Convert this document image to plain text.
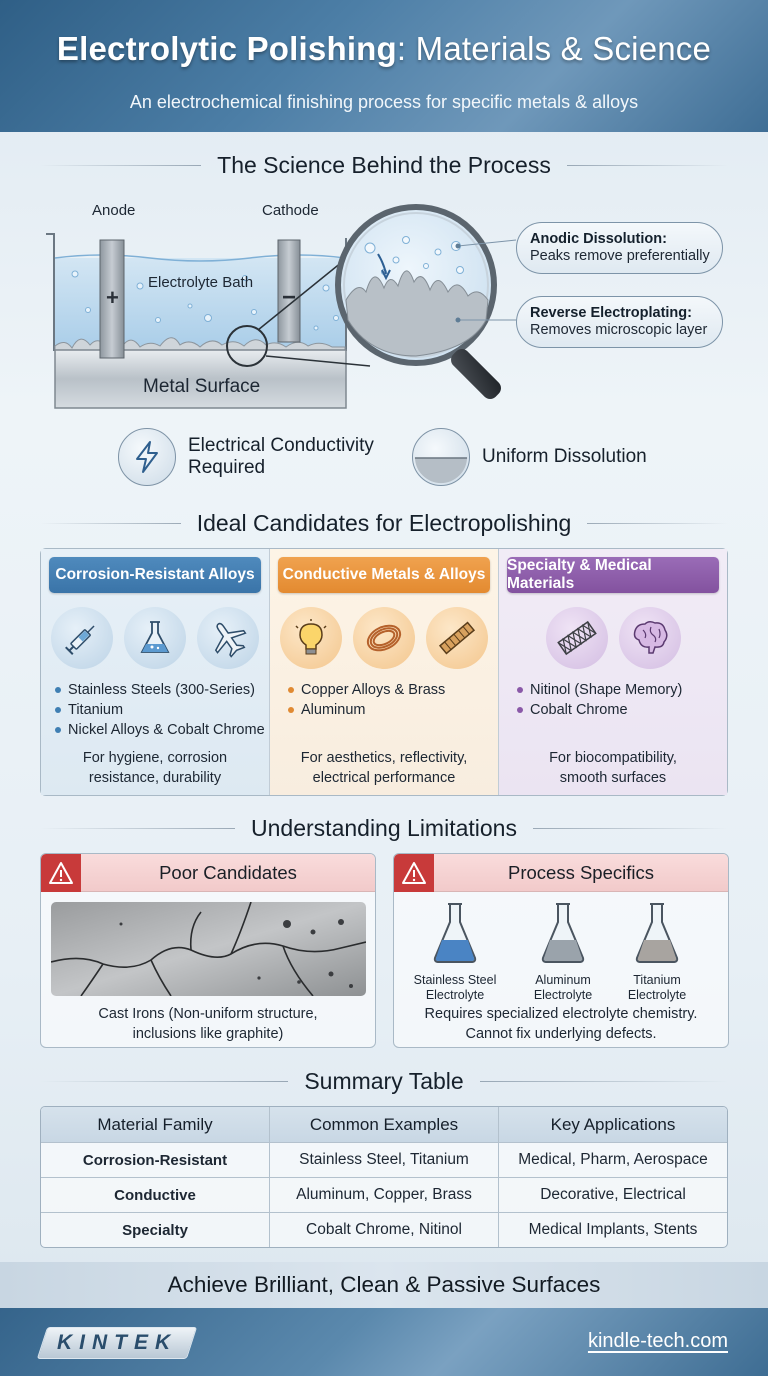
Electrolytic Polishing: Materials & Science
An electrochemical finishing process for specific metals & alloys
The Science Behind the Process
Anode	Cathode
Electrolyte Bath
Metal Surface
+	−
Anodic Dissolution:
Peaks remove preferentially
Reverse Electroplating:
Removes microscopic layer
Electrical Conductivity
Required
Uniform Dissolution
Ideal Candidates for Electropolishing
Corrosion-Resistant Alloys
Stainless Steels (300-Series)
Titanium
Nickel Alloys & Cobalt Chrome
For hygiene, corrosion
resistance, durability
Conductive Metals & Alloys
Copper Alloys & Brass
Aluminum
For aesthetics, reflectivity,
electrical performance
Specialty & Medical Materials
Nitinol (Shape Memory)
Cobalt Chrome
For biocompatibility,
smooth surfaces
Understanding Limitations
Poor Candidates
Cast Irons (Non-uniform structure,
inclusions like graphite)
Process Specifics
Stainless Steel
Electrolyte
Aluminum
Electrolyte
Titanium
Electrolyte
Requires specialized electrolyte chemistry.
Cannot fix underlying defects.
Summary Table
Material Family	Common Examples	Key Applications
Corrosion-Resistant	Stainless Steel, Titanium	Medical, Pharm, Aerospace
Conductive	Aluminum, Copper, Brass	Decorative, Electrical
Specialty	Cobalt Chrome, Nitinol	Medical Implants, Stents
Achieve Brilliant, Clean & Passive Surfaces
KINTEK	kindle-tech.com
